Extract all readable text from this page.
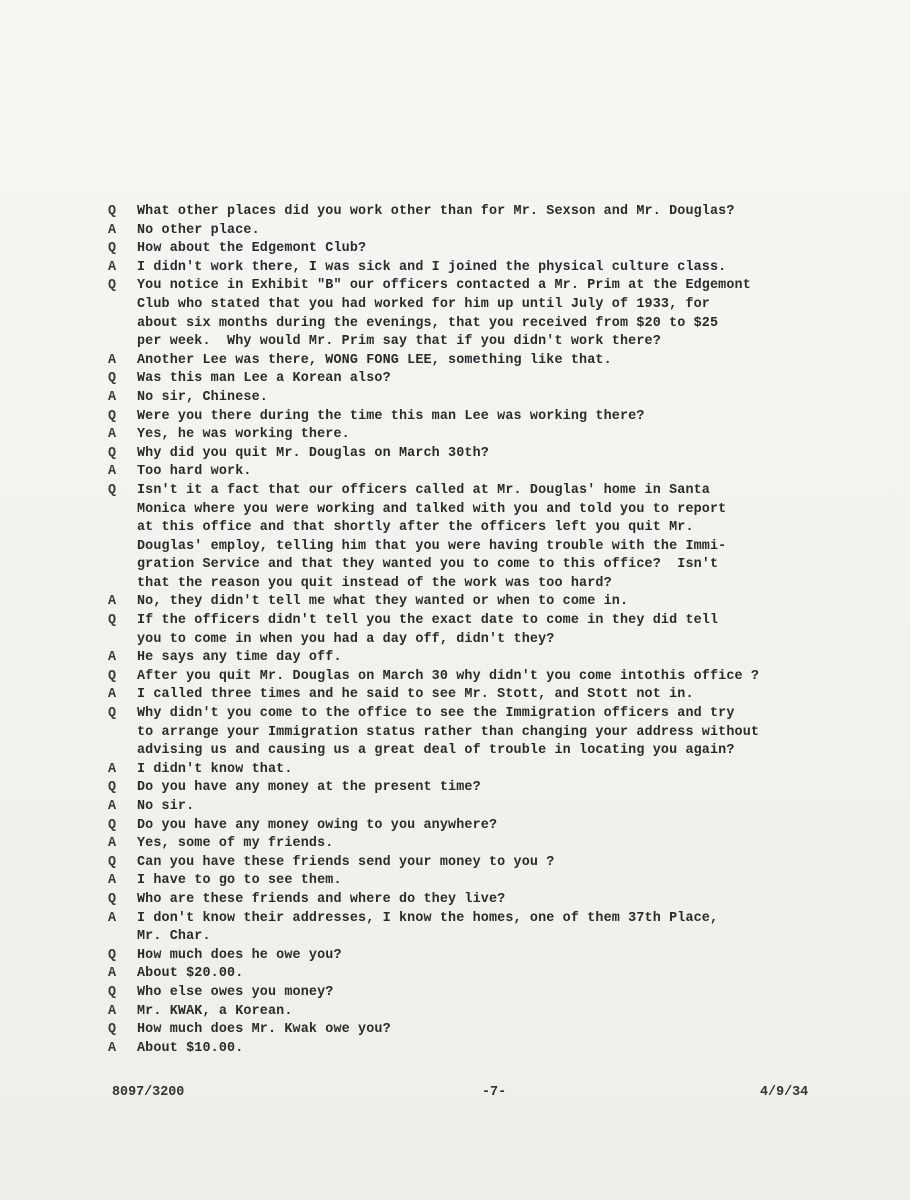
Q	What other places did you work other than for Mr. Sexson and Mr. Douglas?
A	No other place.
Q	How about the Edgemont Club?
A	I didn't work there, I was sick and I joined the physical culture class.
Q	You notice in Exhibit "B" our officers contacted a Mr. Prim at the Edgemont
Club who stated that you had worked for him up until July of 1933, for
about six months during the evenings, that you received from $20 to $25
per week.  Why would Mr. Prim say that if you didn't work there?
A	Another Lee was there, WONG FONG LEE, something like that.
Q	Was this man Lee a Korean also?
A	No sir, Chinese.
Q	Were you there during the time this man Lee was working there?
A	Yes, he was working there.
Q	Why did you quit Mr. Douglas on March 30th?
A	Too hard work.
Q	Isn't it a fact that our officers called at Mr. Douglas' home in Santa
Monica where you were working and talked with you and told you to report
at this office and that shortly after the officers left you quit Mr.
Douglas' employ, telling him that you were having trouble with the Immi-
gration Service and that they wanted you to come to this office?  Isn't
that the reason you quit instead of the work was too hard?
A	No, they didn't tell me what they wanted or when to come in.
Q	If the officers didn't tell you the exact date to come in they did tell
you to come in when you had a day off, didn't they?
A	He says any time day off.
Q	After you quit Mr. Douglas on March 30 why didn't you come intothis office ?
A	I called three times and he said to see Mr. Stott, and Stott not in.
Q	Why didn't you come to the office to see the Immigration officers and try
to arrange your Immigration status rather than changing your address without
advising us and causing us a great deal of trouble in locating you again?
A	I didn't know that.
Q	Do you have any money at the present time?
A	No sir.
Q	Do you have any money owing to you anywhere?
A	Yes, some of my friends.
Q	Can you have these friends send your money to you ?
A	I have to go to see them.
Q	Who are these friends and where do they live?
A	I don't know their addresses, I know the homes, one of them 37th Place,
Mr. Char.
Q	How much does he owe you?
A	About $20.00.
Q	Who else owes you money?
A	Mr. KWAK, a Korean.
Q	How much does Mr. Kwak owe you?
A	About $10.00.
8097/3200	-7-	4/9/34
